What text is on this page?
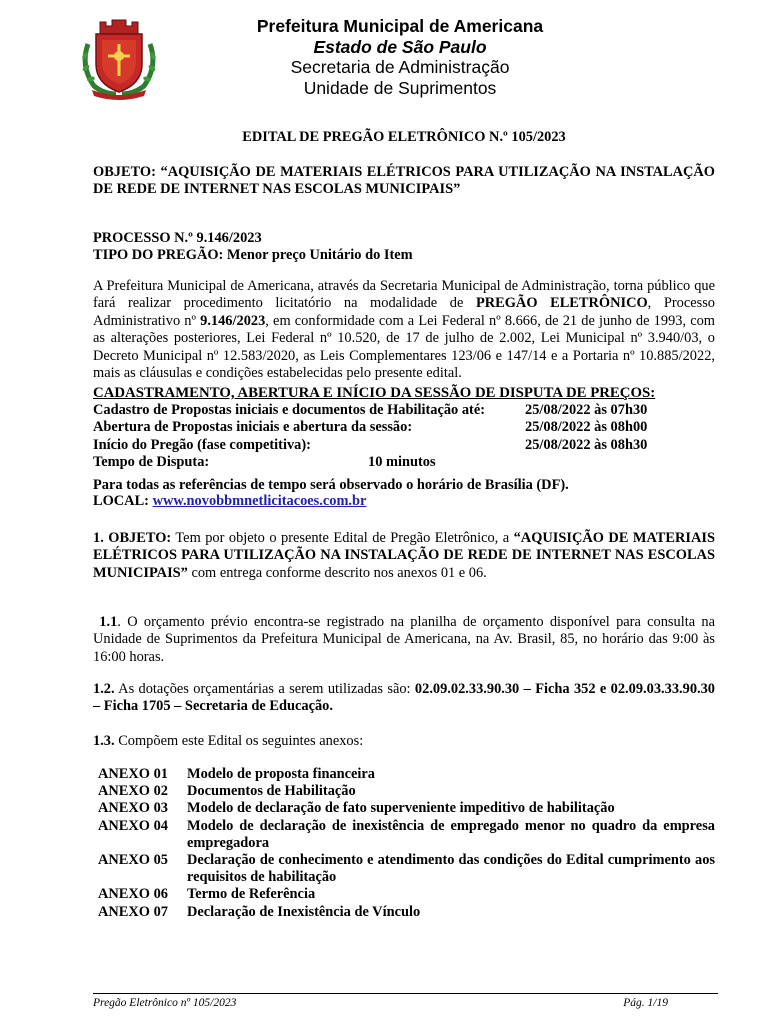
Prefeitura Municipal de Americana
Estado de São Paulo
Secretaria de Administração
Unidade de Suprimentos
EDITAL DE PREGÃO ELETRÔNICO N.º 105/2023
OBJETO: “AQUISIÇÃO DE MATERIAIS ELÉTRICOS PARA UTILIZAÇÃO NA INSTALAÇÃO DE REDE DE INTERNET NAS ESCOLAS MUNICIPAIS”
PROCESSO N.º 9.146/2023
TIPO DO PREGÃO: Menor preço Unitário do Item
A Prefeitura Municipal de Americana, através da Secretaria Municipal de Administração, torna público que fará realizar procedimento licitatório na modalidade de PREGÃO ELETRÔNICO, Processo Administrativo nº 9.146/2023, em conformidade com a Lei Federal nº 8.666, de 21 de junho de 1993, com as alterações posteriores, Lei Federal nº 10.520, de 17 de julho de 2.002, Lei Municipal nº 3.940/03, o Decreto Municipal nº 12.583/2020, as Leis Complementares 123/06 e 147/14 e a Portaria nº 10.885/2022, mais as cláusulas e condições estabelecidas pelo presente edital.
CADASTRAMENTO, ABERTURA E INÍCIO DA SESSÃO DE DISPUTA DE PREÇOS:
Cadastro de Propostas iniciais e documentos de Habilitação até:	25/08/2022 às 07h30
Abertura de Propostas iniciais e abertura da sessão:	25/08/2022 às 08h00
Início do Pregão (fase competitiva):	25/08/2022 às 08h30
Tempo de Disputa:	10 minutos
Para todas as referências de tempo será observado o horário de Brasília (DF).
LOCAL: www.novobbmnetlicitacoes.com.br
1. OBJETO: Tem por objeto o presente Edital de Pregão Eletrônico, a “AQUISIÇÃO DE MATERIAIS ELÉTRICOS PARA UTILIZAÇÃO NA INSTALAÇÃO DE REDE DE INTERNET NAS ESCOLAS MUNICIPAIS” com entrega conforme descrito nos anexos 01 e 06.
1.1. O orçamento prévio encontra-se registrado na planilha de orçamento disponível para consulta na Unidade de Suprimentos da Prefeitura Municipal de Americana, na Av. Brasil, 85, no horário das 9:00 às 16:00 horas.
1.2. As dotações orçamentárias a serem utilizadas são: 02.09.02.33.90.30 – Ficha 352 e 02.09.03.33.90.30 – Ficha 1705 – Secretaria de Educação.
1.3. Compõem este Edital os seguintes anexos:
ANEXO 01	Modelo de proposta financeira
ANEXO 02	Documentos de Habilitação
ANEXO 03	Modelo de declaração de fato superveniente impeditivo de habilitação
ANEXO 04	Modelo de declaração de inexistência de empregado menor no quadro da empresa empregadora
ANEXO 05	Declaração de conhecimento e atendimento das condições do Edital cumprimento aos requisitos de habilitação
ANEXO 06	Termo de Referência
ANEXO 07	Declaração de Inexistência de Vínculo
Pregão Eletrônico nº 105/2023	Pág. 1/19
